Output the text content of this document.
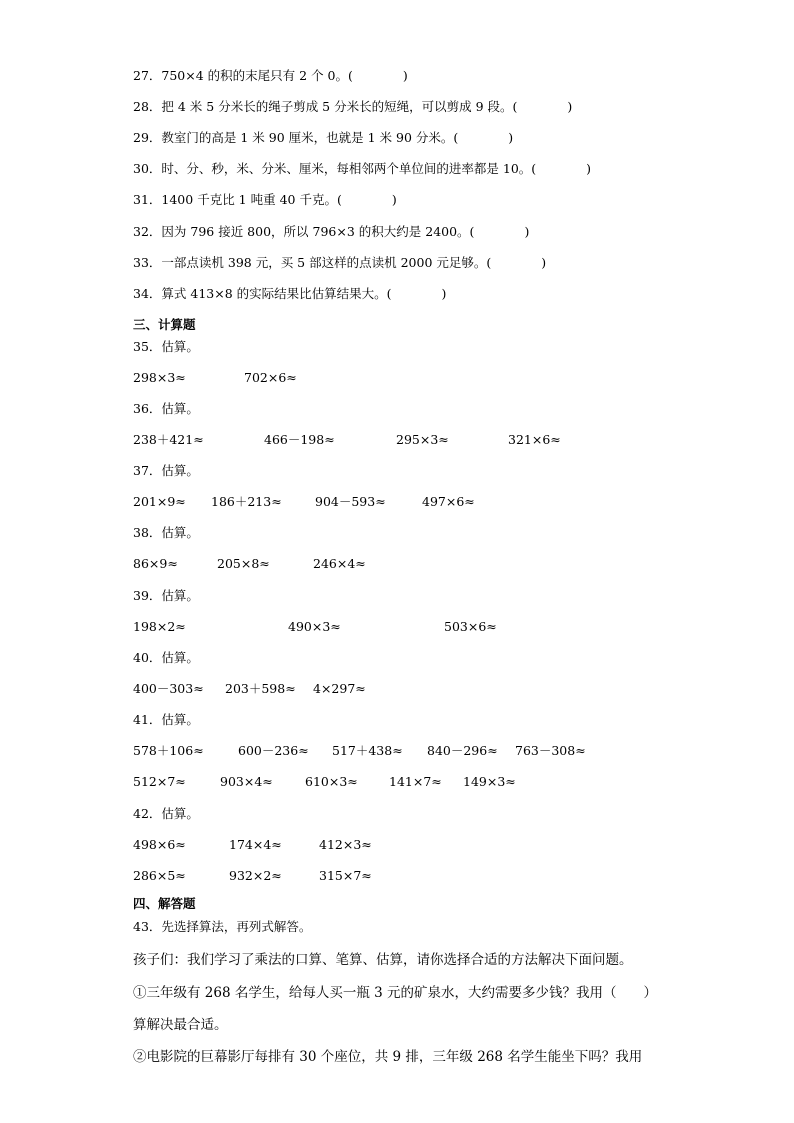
27．750×4 的积的末尾只有 2 个 0。(　　　　)
28．把 4 米 5 分米长的绳子剪成 5 分米长的短绳，可以剪成 9 段。(　　　　)
29．教室门的高是 1 米 90 厘米，也就是 1 米 90 分米。(　　　　)
30．时、分、秒，米、分米、厘米，每相邻两个单位间的进率都是 10。(　　　　)
31．1400 千克比 1 吨重 40 千克。(　　　　)
32．因为 796 接近 800，所以 796×3 的积大约是 2400。(　　　　)
33．一部点读机 398 元，买 5 部这样的点读机 2000 元足够。(　　　　)
34．算式 413×8 的实际结果比估算结果大。(　　　　)
三、计算题
35．估算。
298×3≈	702×6≈
36．估算。
238＋421≈	466－198≈	295×3≈	321×6≈
37．估算。
201×9≈ 186＋213≈	904－593≈	497×6≈
38．估算。
86×9≈	205×8≈	246×4≈
39．估算。
198×2≈	490×3≈	503×6≈
40．估算。
400－303≈ 203＋598≈ 4×297≈
41．估算。
578＋106≈	600－236≈ 517＋438≈ 840－296≈ 763－308≈
512×7≈	903×4≈	610×3≈ 141×7≈ 149×3≈
42．估算。
498×6≈	174×4≈	412×3≈
286×5≈	932×2≈	315×7≈
四、解答题
43．先选择算法，再列式解答。
孩子们：我们学习了乘法的口算、笔算、估算，请你选择合适的方法解决下面问题。
①三年级有 268 名学生，给每人买一瓶 3 元的矿泉水，大约需要多少钱？我用（　　）
算解决最合适。
②电影院的巨幕影厅每排有 30 个座位，共 9 排，三年级 268 名学生能坐下吗？我用
